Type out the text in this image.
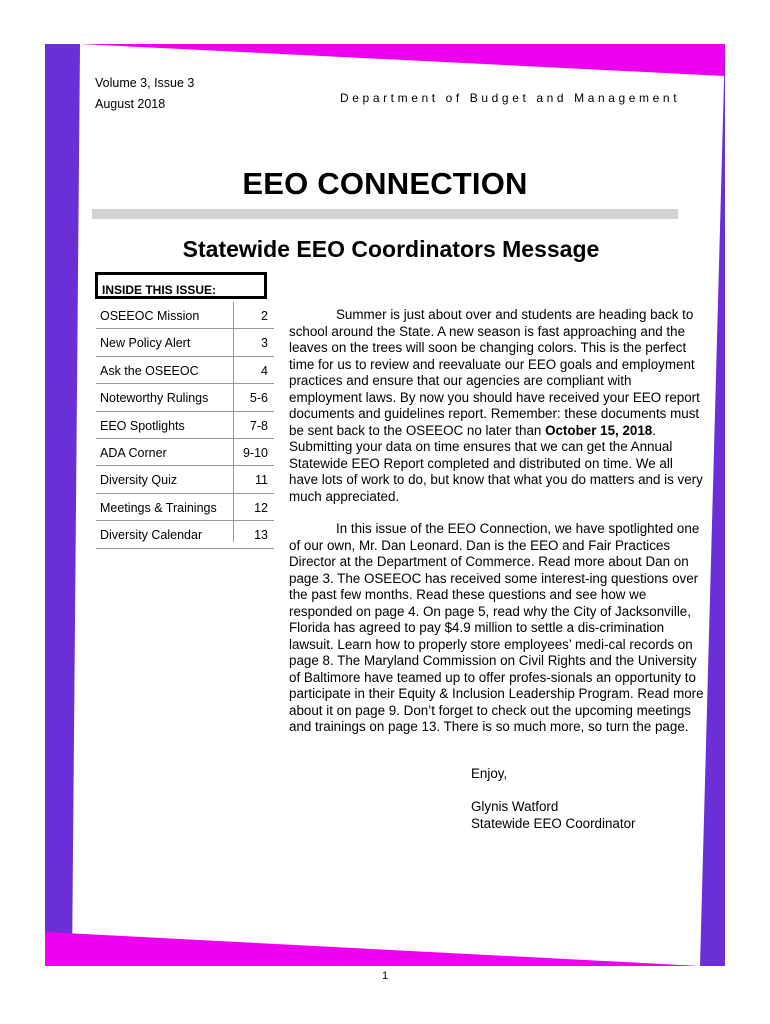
Volume 3, Issue 3
August 2018	Department of Budget and Management
EEO CONNECTION
Statewide EEO Coordinators Message
INSIDE THIS ISSUE:
OSEEOC Mission	2
New Policy Alert	3
Ask the OSEEOC	4
Noteworthy Rulings	5-6
EEO Spotlights	7-8
ADA Corner	9-10
Diversity Quiz	11
Meetings & Trainings	12
Diversity Calendar	13

Summer is just about over and students are heading back to school around the State. A new season is fast approaching and the leaves on the trees will soon be changing colors. This is the perfect time for us to review and reevaluate our EEO goals and employment practices and ensure that our agencies are compliant with employment laws. By now you should have received your EEO report documents and guidelines report. Remember: these documents must be sent back to the OSEEOC no later than October 15, 2018. Submitting your data on time ensures that we can get the Annual Statewide EEO Report completed and distributed on time. We all have lots of work to do, but know that what you do matters and is very much appreciated.

In this issue of the EEO Connection, we have spotlighted one of our own, Mr. Dan Leonard. Dan is the EEO and Fair Practices Director at the Department of Commerce. Read more about Dan on page 3. The OSEEOC has received some interest-ing questions over the past few months. Read these questions and see how we responded on page 4. On page 5, read why the City of Jacksonville, Florida has agreed to pay $4.9 million to settle a dis-crimination lawsuit. Learn how to properly store employees’ medi-cal records on page 8. The Maryland Commission on Civil Rights and the University of Baltimore have teamed up to offer profes-sionals an opportunity to participate in their Equity & Inclusion Leadership Program. Read more about it on page 9. Don’t forget to check out the upcoming meetings and trainings on page 13. There is so much more, so turn the page.

Enjoy,
Glynis Watford
Statewide EEO Coordinator
1
